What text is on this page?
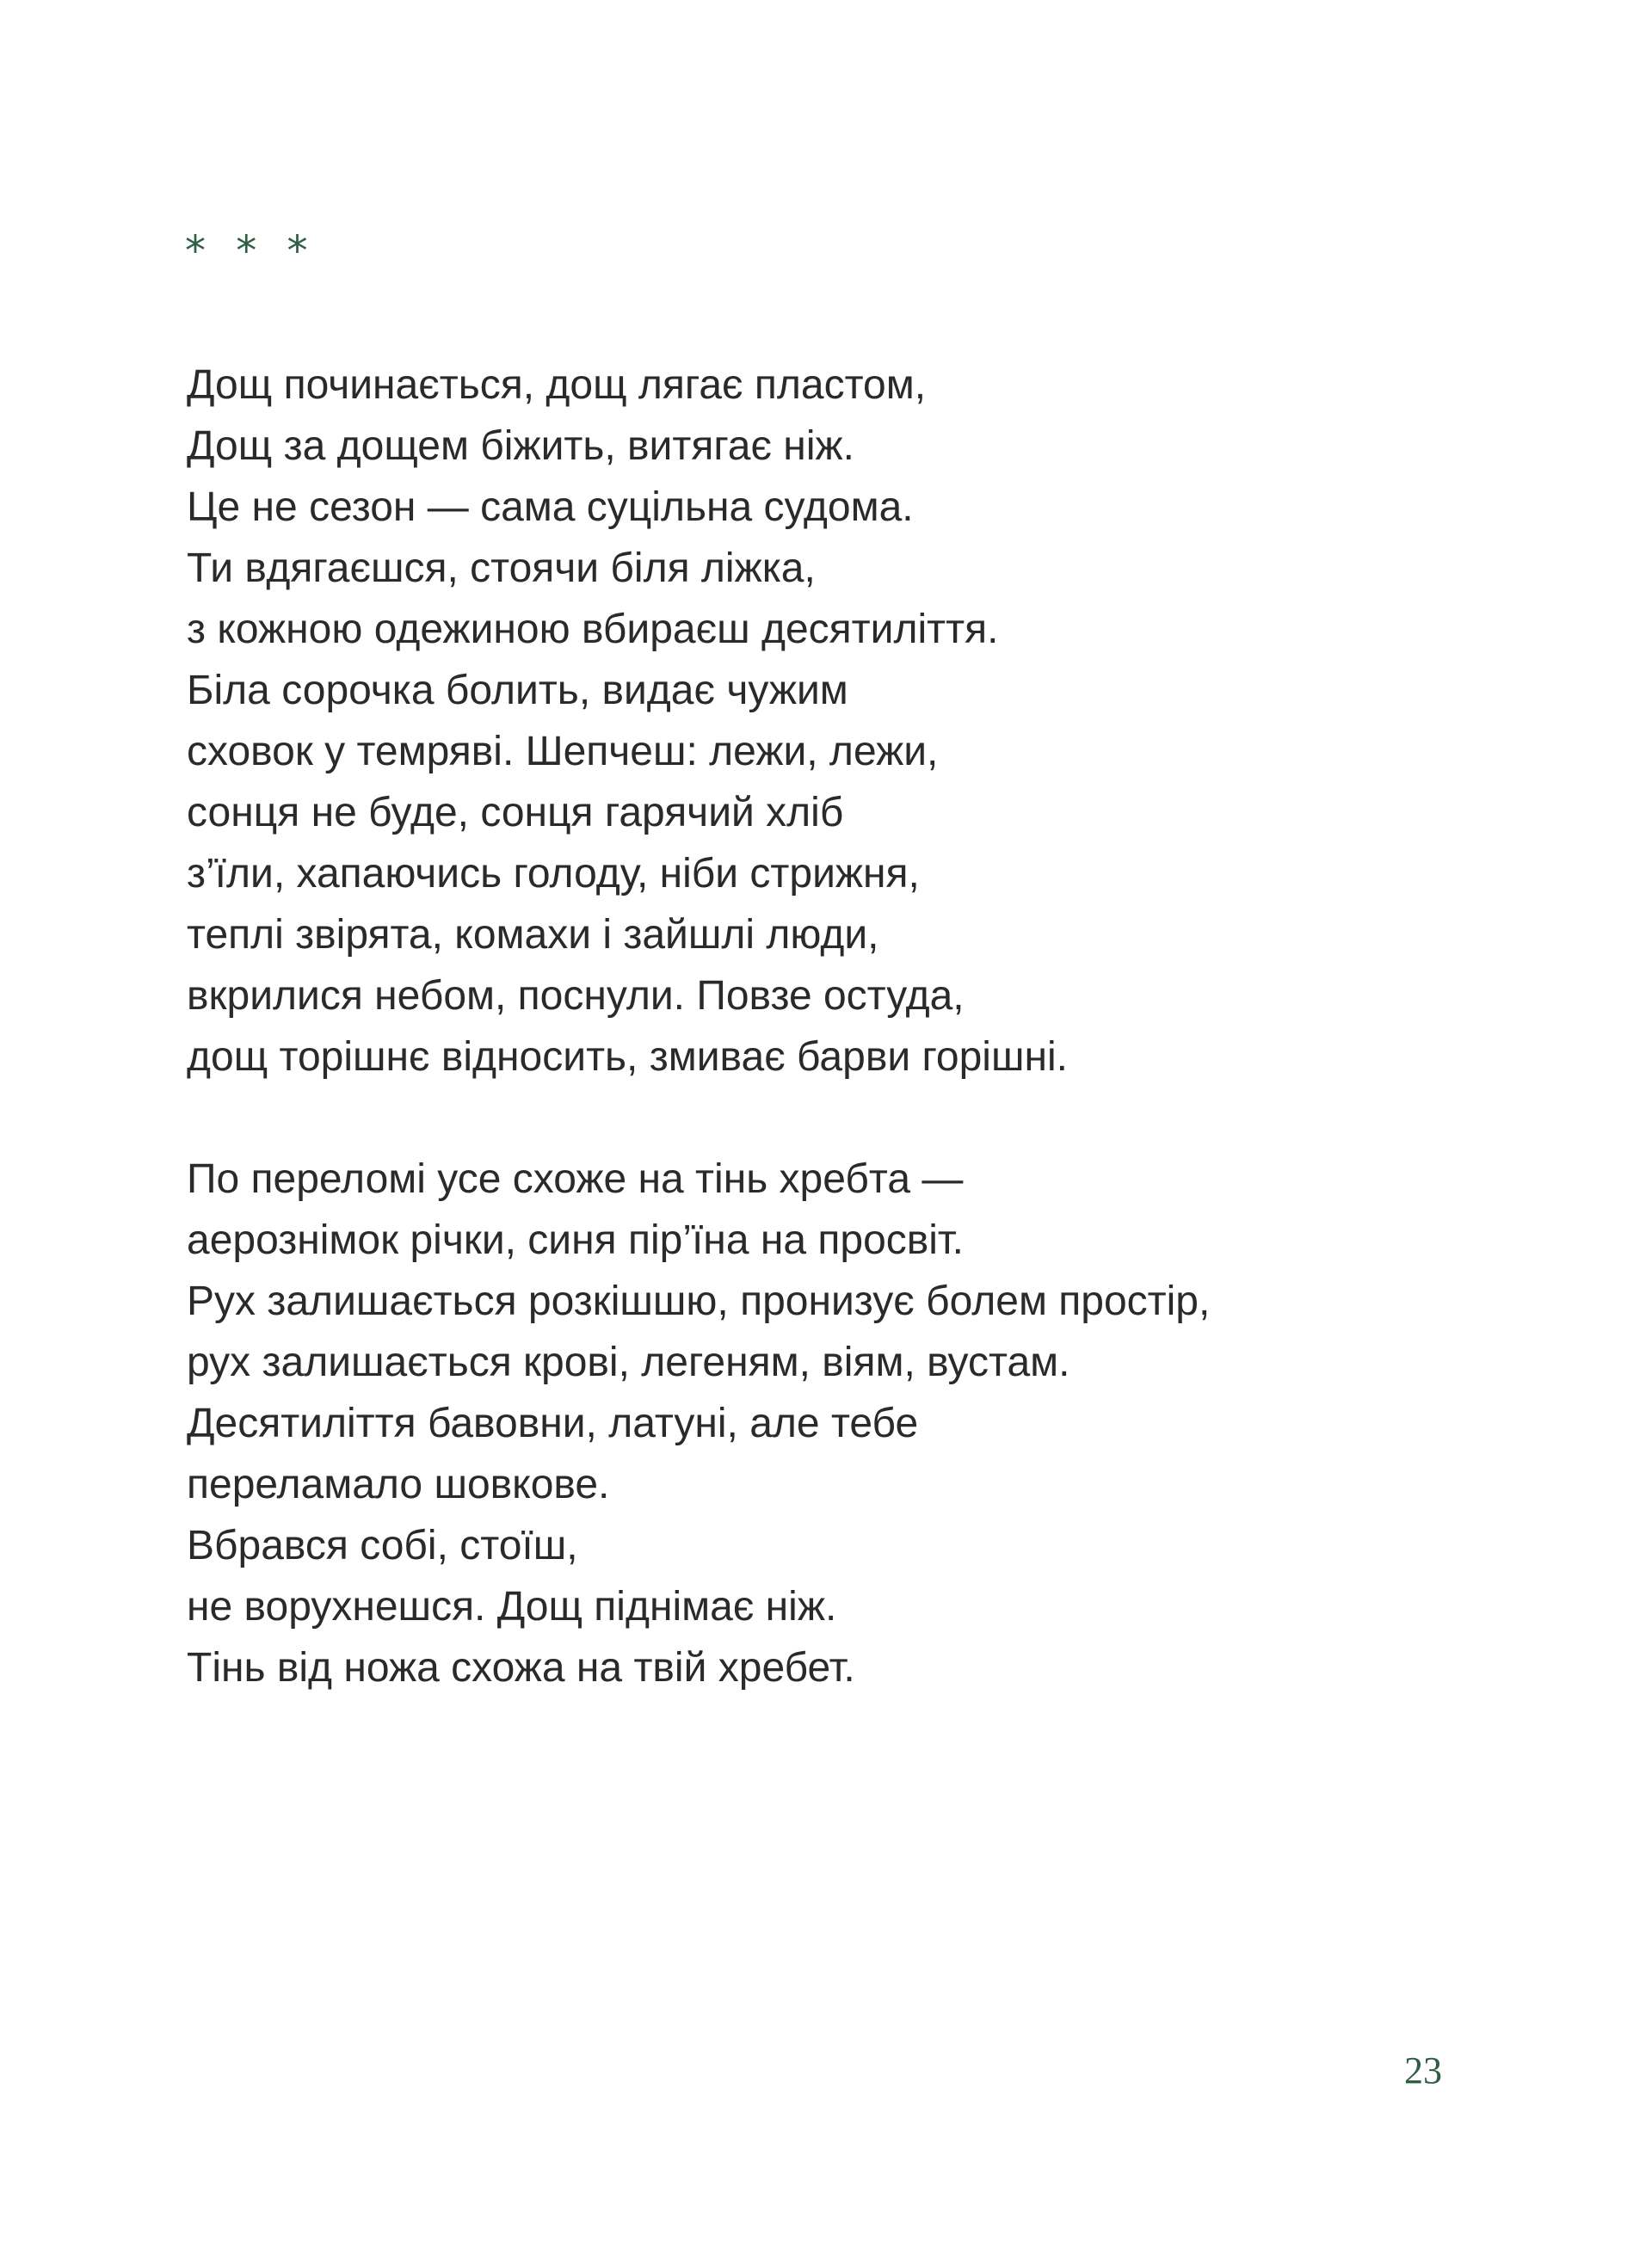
* * *
Дощ починається, дощ лягає пластом,
Дощ за дощем біжить, витягає ніж.
Це не сезон — сама суцільна судома.
Ти вдягаєшся, стоячи біля ліжка,
з кожною одежиною вбираєш десятиліття.
Біла сорочка болить, видає чужим
сховок у темряві. Шепчеш: лежи, лежи,
сонця не буде, сонця гарячий хліб
з’їли, хапаючись голоду, ніби стрижня,
теплі звірята, комахи і зайшлі люди,
вкрилися небом, поснули. Повзе остуда,
дощ торішнє відносить, змиває барви горішні.
По переломі усе схоже на тінь хребта —
аерознімок річки, синя пір’їна на просвіт.
Рух залишається розкішшю, пронизує болем простір,
рух залишається крові, легеням, віям, вустам.
Десятиліття бавовни, латуні, але тебе
переламало шовкове.
Вбрався собі, стоїш,
не ворухнешся. Дощ піднімає ніж.
Тінь від ножа схожа на твій хребет.
23
